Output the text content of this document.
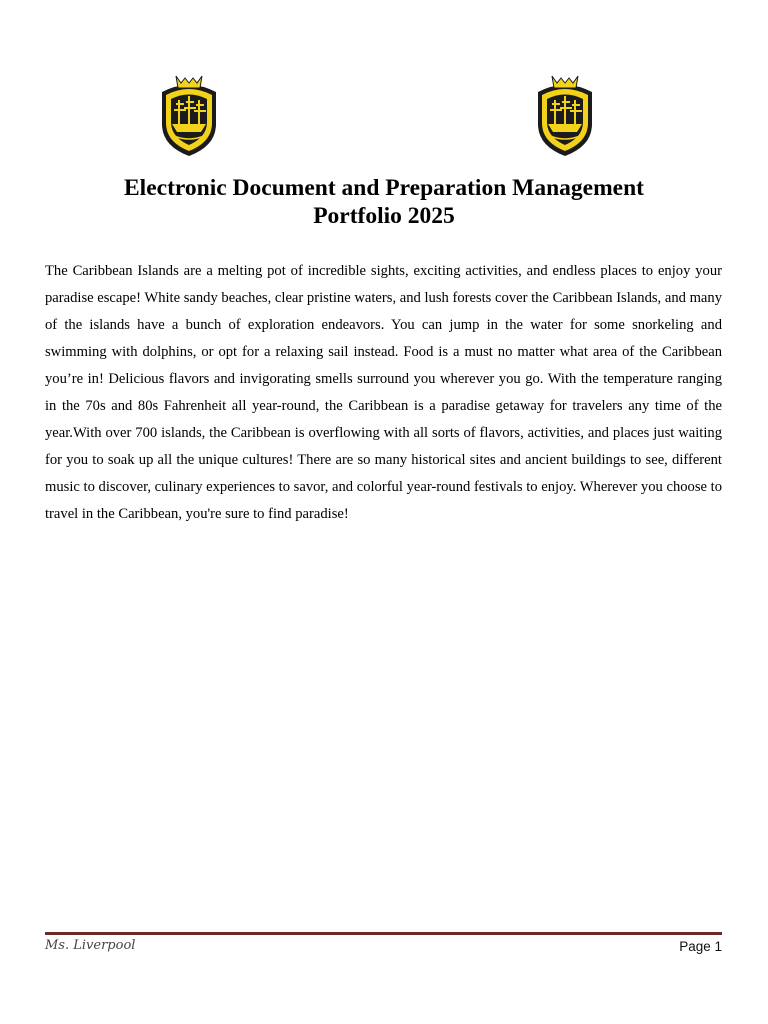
Electronic Document and Preparation Management
Portfolio 2025

The Caribbean Islands are a melting pot of incredible sights, exciting activities, and endless places to enjoy your paradise escape! White sandy beaches, clear pristine waters, and lush forests cover the Caribbean Islands, and many of the islands have a bunch of exploration endeavors. You can jump in the water for some snorkeling and swimming with dolphins, or opt for a relaxing sail instead. Food is a must no matter what area of the Caribbean you’re in! Delicious flavors and invigorating smells surround you wherever you go. With the temperature ranging in the 70s and 80s Fahrenheit all year-round, the Caribbean is a paradise getaway for travelers any time of the year.With over 700 islands, the Caribbean is overflowing with all sorts of flavors, activities, and places just waiting for you to soak up all the unique cultures! There are so many historical sites and ancient buildings to see, different music to discover, culinary experiences to savor, and colorful year-round festivals to enjoy. Wherever you choose to travel in the Caribbean, you're sure to find paradise!

Ms. Liverpool	Page 1
